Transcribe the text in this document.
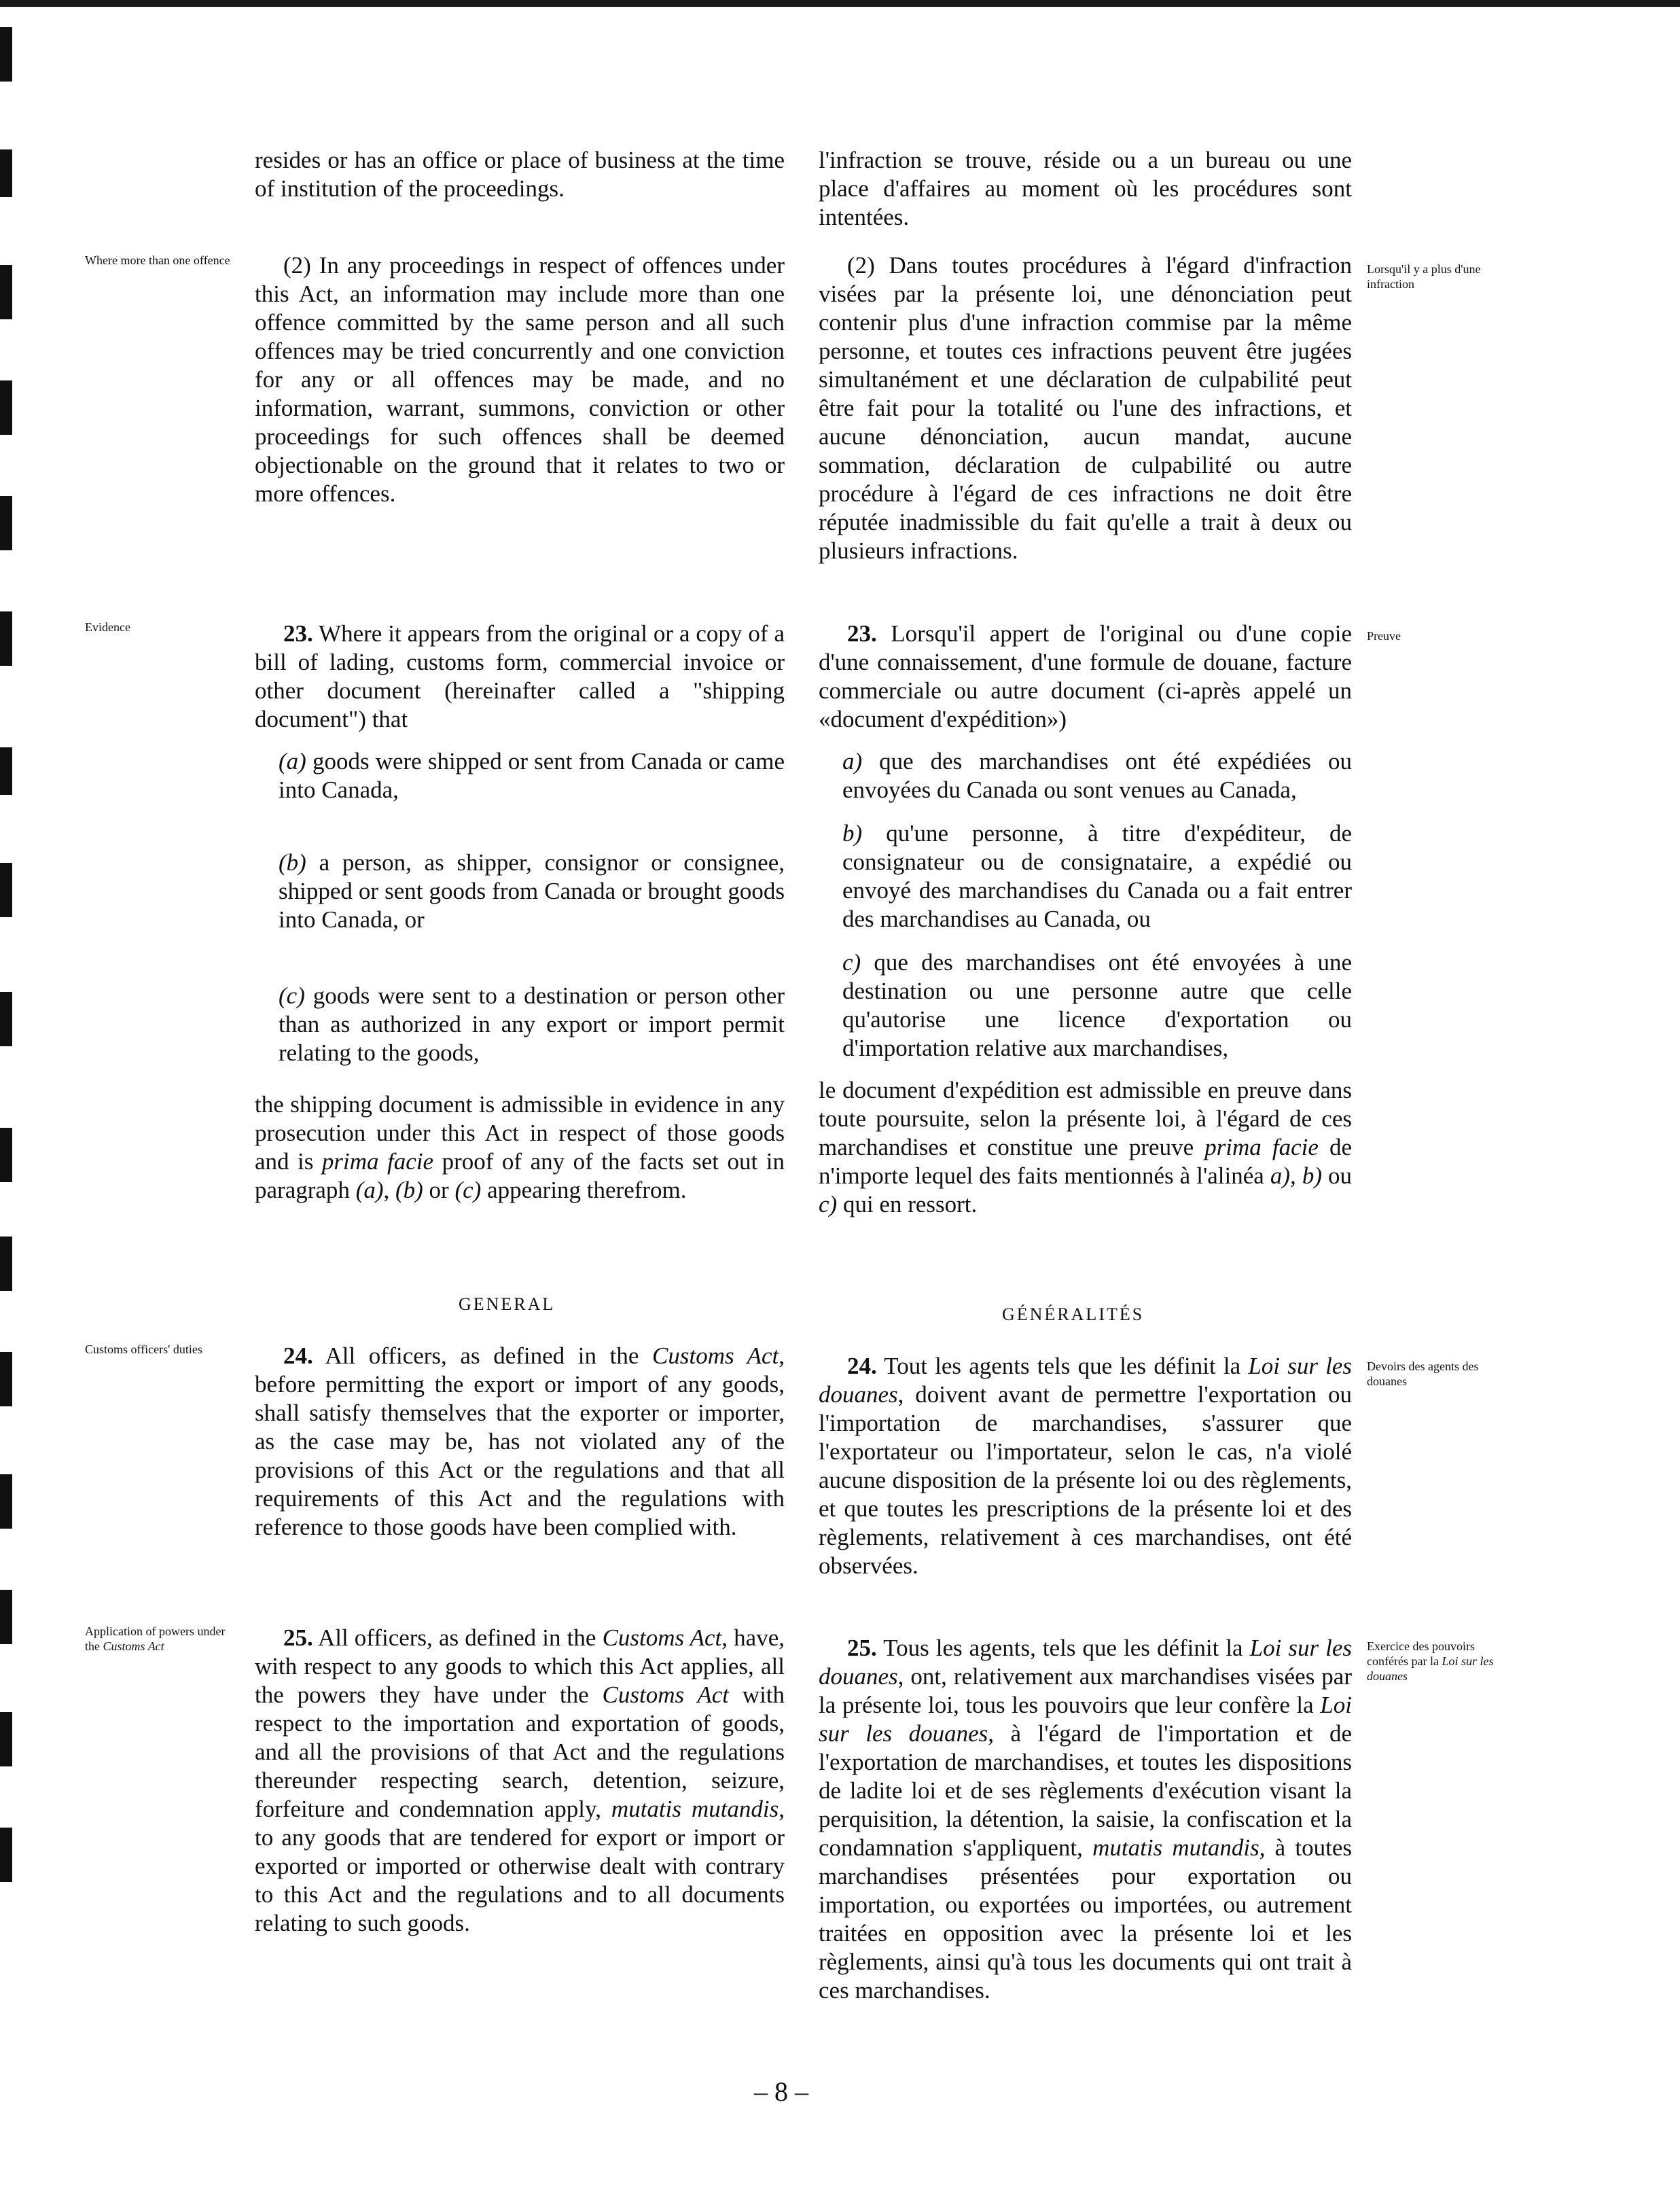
resides or has an office or place of business at the time of institution of the proceedings.

l'infraction se trouve, réside ou a un bureau ou une place d'affaires au moment où les procédures sont intentées.

Where more than one offence	(2) In any proceedings in respect of offences under this Act, an information may include more than one offence committed by the same person and all such offences may be tried concurrently and one conviction for any or all offences may be made, and no information, warrant, summons, conviction or other proceedings for such offences shall be deemed objectionable on the ground that it relates to two or more offences.

(2) Dans toutes procédures à l'égard d'infraction visées par la présente loi, une dénonciation peut contenir plus d'une infraction commise par la même personne, et toutes ces infractions peuvent être jugées simultanément et une déclaration de culpabilité peut être fait pour la totalité ou l'une des infractions, et aucune dénonciation, aucun mandat, aucune sommation, déclaration de culpabilité ou autre procédure à l'égard de ces infractions ne doit être réputée inadmissible du fait qu'elle a trait à deux ou plusieurs infractions.

Lorsqu'il y a plus d'une infraction
Evidence	23. Where it appears from the original or a copy of a bill of lading, customs form, commercial invoice or other document (hereinafter called a "shipping document") that

(a) goods were shipped or sent from Canada or came into Canada,

(b) a person, as shipper, consignor or consignee, shipped or sent goods from Canada or brought goods into Canada, or

(c) goods were sent to a destination or person other than as authorized in any export or import permit relating to the goods,

the shipping document is admissible in evidence in any prosecution under this Act in respect of those goods and is prima facie proof of any of the facts set out in paragraph (a), (b) or (c) appearing therefrom.

23. Lorsqu'il appert de l'original ou d'une copie d'une connaissement, d'une formule de douane, facture commerciale ou autre document (ci-après appelé un «document d'expédition»)

a) que des marchandises ont été expédiées ou envoyées du Canada ou sont venues au Canada,

b) qu'une personne, à titre d'expéditeur, de consignateur ou de consignataire, a expédié ou envoyé des marchandises du Canada ou a fait entrer des marchandises au Canada, ou

c) que des marchandises ont été envoyées à une destination ou une personne autre que celle qu'autorise une licence d'exportation ou d'importation relative aux marchandises,

le document d'expédition est admissible en preuve dans toute poursuite, selon la présente loi, à l'égard de ces marchandises et constitue une preuve prima facie de n'importe lequel des faits mentionnés à l'alinéa a), b) ou c) qui en ressort.

Preuve
GENERAL
GÉNÉRALITÉS
Customs officers' duties	24. All officers, as defined in the Customs Act, before permitting the export or import of any goods, shall satisfy themselves that the exporter or importer, as the case may be, has not violated any of the provisions of this Act or the regulations and that all requirements of this Act and the regulations with reference to those goods have been complied with.

24. Tout les agents tels que les définit la Loi sur les douanes, doivent avant de permettre l'exportation ou l'importation de marchandises, s'assurer que l'exportateur ou l'importateur, selon le cas, n'a violé aucune disposition de la présente loi ou des règlements, et que toutes les prescriptions de la présente loi et des règlements, relativement à ces marchandises, ont été observées.

Devoirs des agents des douanes
Application of powers under the Customs Act	25. All officers, as defined in the Customs Act, have, with respect to any goods to which this Act applies, all the powers they have under the Customs Act with respect to the importation and exportation of goods, and all the provisions of that Act and the regulations thereunder respecting search, detention, seizure, forfeiture and condemnation apply, mutatis mutandis, to any goods that are tendered for export or import or exported or imported or otherwise dealt with contrary to this Act and the regulations and to all documents relating to such goods.

25. Tous les agents, tels que les définit la Loi sur les douanes, ont, relativement aux marchandises visées par la présente loi, tous les pouvoirs que leur confère la Loi sur les douanes, à l'égard de l'importation et de l'exportation de marchandises, et toutes les dispositions de ladite loi et de ses règlements d'exécution visant la perquisition, la détention, la saisie, la confiscation et la condamnation s'appliquent, mutatis mutandis, à toutes marchandises présentées pour exportation ou importation, ou exportées ou importées, ou autrement traitées en opposition avec la présente loi et les règlements, ainsi qu'à tous les documents qui ont trait à ces marchandises.

Exercice des pouvoirs conférés par la Loi sur les douanes
– 8 –
